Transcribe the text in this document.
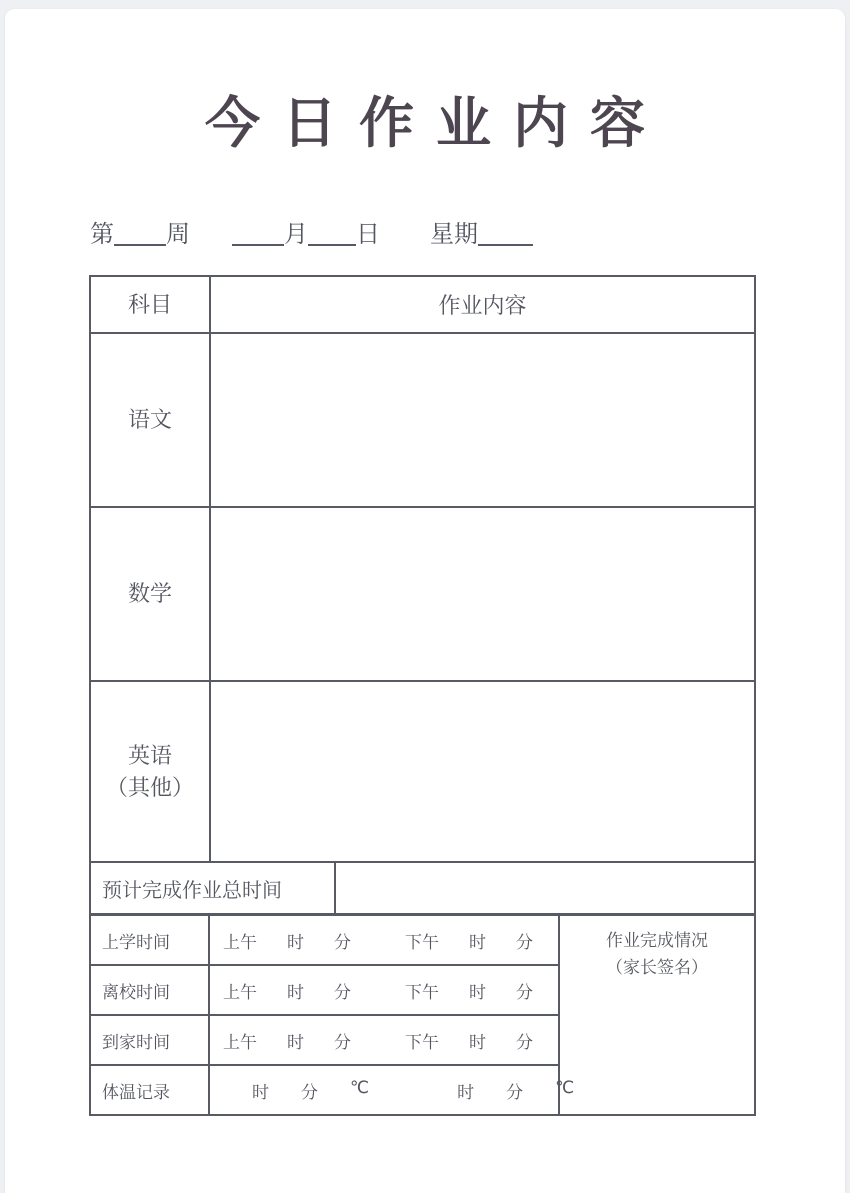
今日作业内容
第 周	月 日 星期
科目	作业内容
语文	
数学	

英语
（其他）	

预计完成作业总时间	
上学时间	上午 时 分	下午 时 分	作业完成情况
（家长签名）

离校时间	上午 时 分	下午 时 分

到家时间	上午 时 分	下午 时 分

体温记录	时 分 ℃	时 分 ℃
